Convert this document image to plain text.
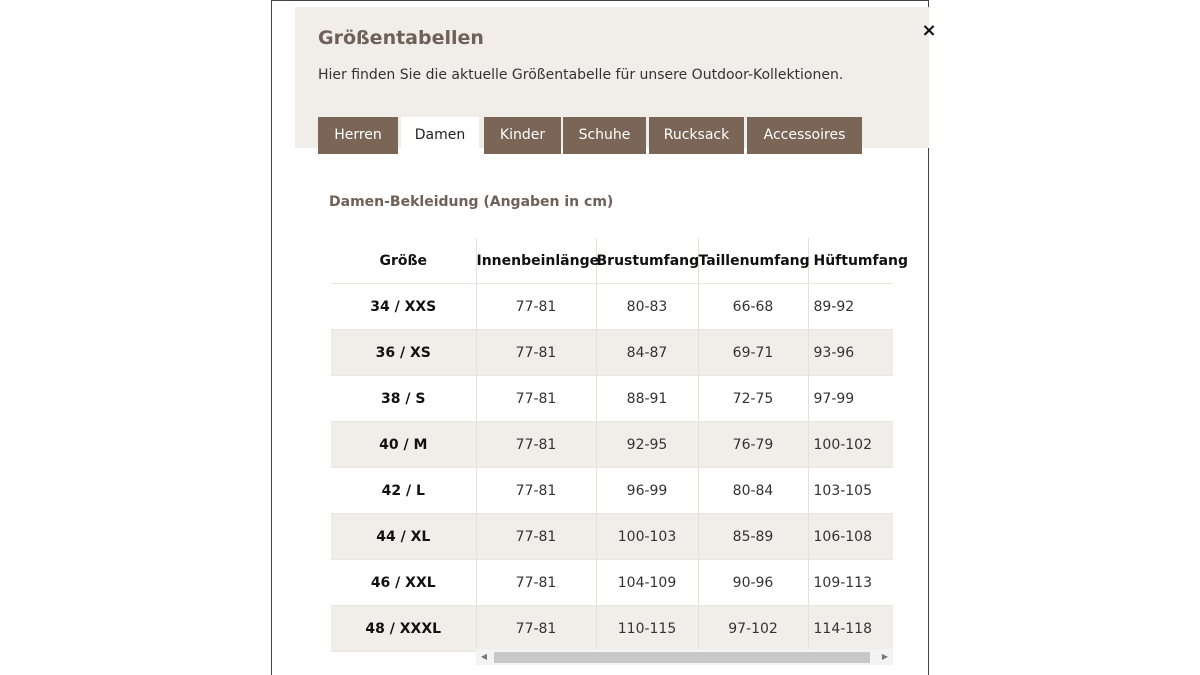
Größentabellen
Hier finden Sie die aktuelle Größentabelle für unsere Outdoor-Kollektionen.
×
Herren	Damen	Kinder	Schuhe	Rucksack	Accessoires
Damen-Bekleidung (Angaben in cm)
Größe	Innenbeinlänge	Brustumfang	Taillenumfang	Hüftumfang
34 / XXS	77-81	80-83	66-68	89-92
36 / XS	77-81	84-87	69-71	93-96
38 / S	77-81	88-91	72-75	97-99
40 / M	77-81	92-95	76-79	100-102
42 / L	77-81	96-99	80-84	103-105
44 / XL	77-81	100-103	85-89	106-108
46 / XXL	77-81	104-109	90-96	109-113
48 / XXXL	77-81	110-115	97-102	114-118
◀	▶
